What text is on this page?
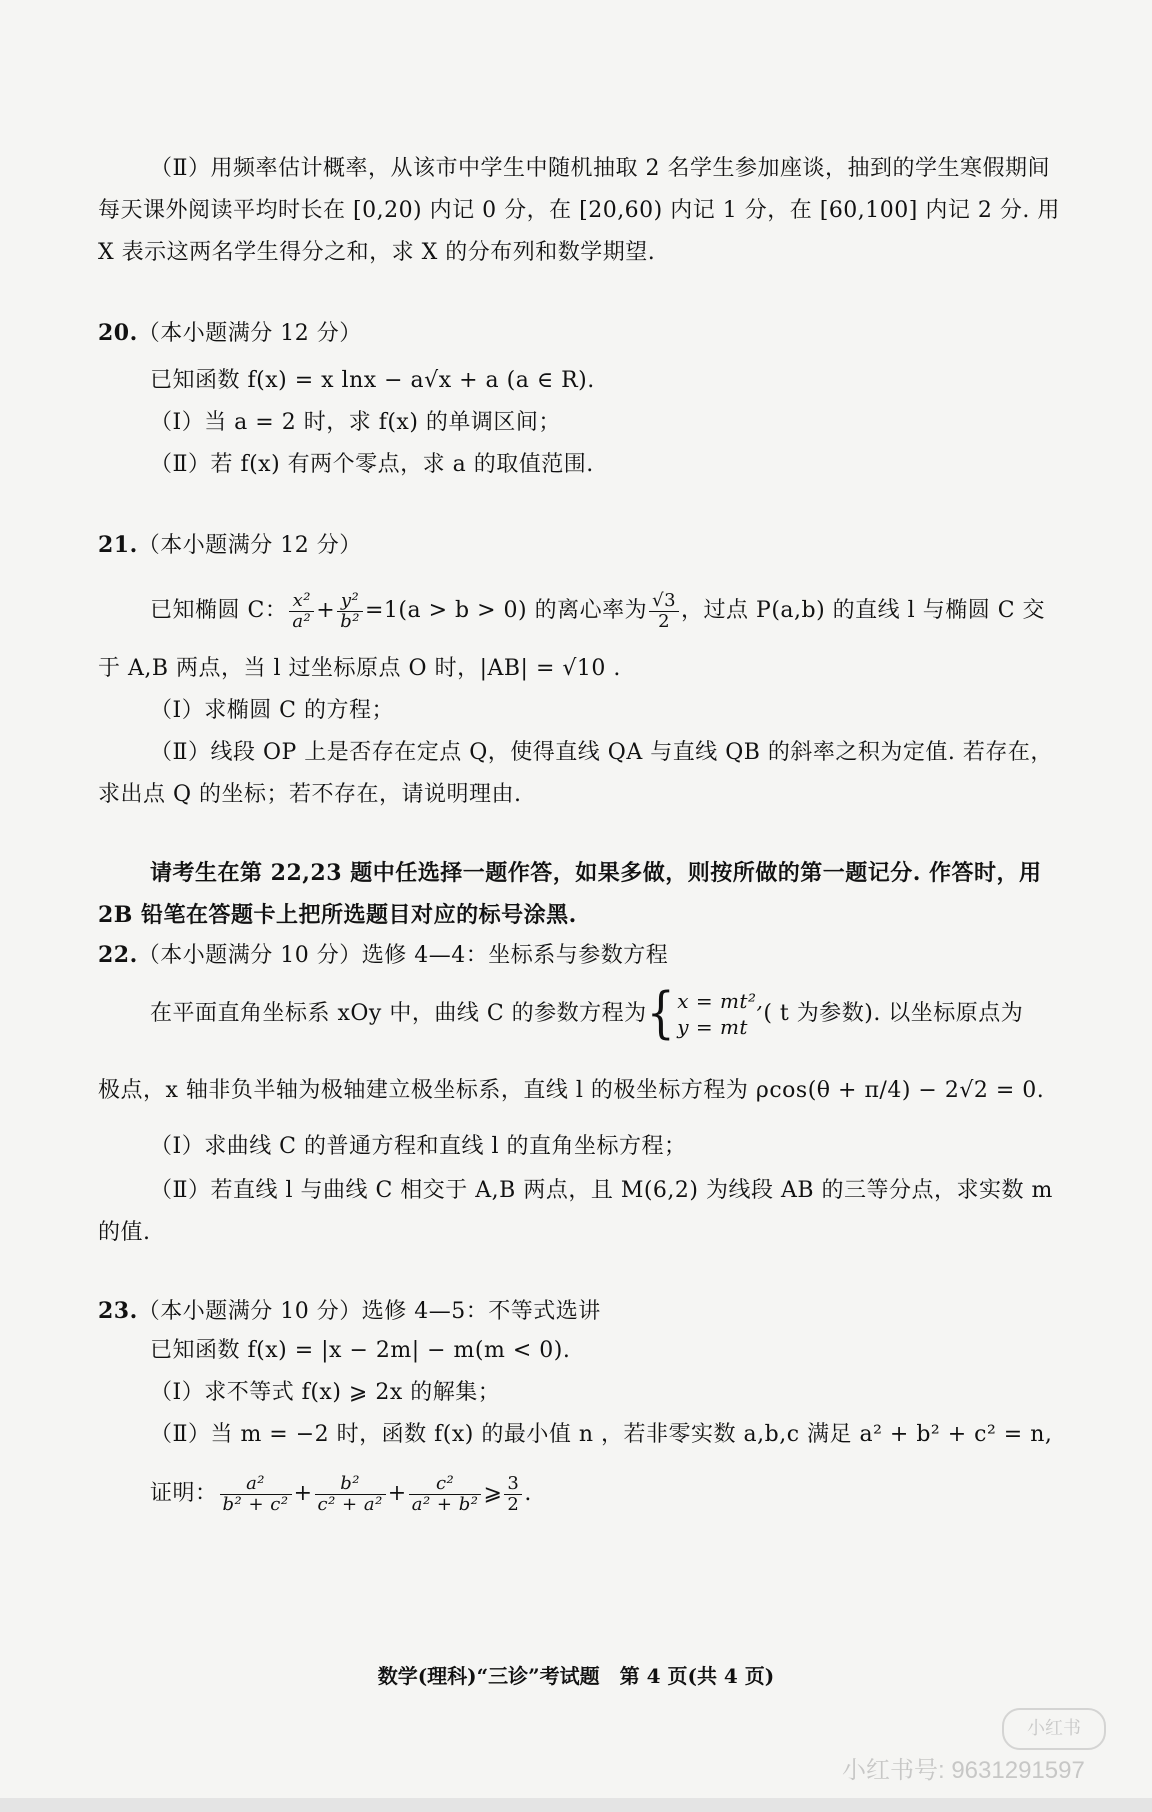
（Ⅱ）用频率估计概率，从该市中学生中随机抽取 2 名学生参加座谈，抽到的学生寒假期间
每天课外阅读平均时长在 [0,20) 内记 0 分，在 [20,60) 内记 1 分，在 [60,100] 内记 2 分. 用
X 表示这两名学生得分之和，求 X 的分布列和数学期望.
20.（本小题满分 12 分）
已知函数 f(x) = x lnx − a√x + a (a ∈ R).
（Ⅰ）当 a = 2 时，求 f(x) 的单调区间；
（Ⅱ）若 f(x) 有两个零点，求 a 的取值范围.
21.（本小题满分 12 分）
已知椭圆 C： $\frac{\text{x²}}{\text{a²}} + \frac{\text{y²}}{\text{b²}} =1(a > b > 0)$ 的离心率为 $\frac{√3}{2}$ ，过点 P(a,b) 的直线 l 与椭圆 C 交
于 A,B 两点，当 l 过坐标原点 O 时，|AB| = √10 .
（Ⅰ）求椭圆 C 的方程；
（Ⅱ）线段 OP 上是否存在定点 Q，使得直线 QA 与直线 QB 的斜率之积为定值. 若存在，
求出点 Q 的坐标；若不存在，请说明理由.
请考生在第 22,23 题中任选择一题作答，如果多做，则按所做的第一题记分. 作答时，用
2B 铅笔在答题卡上把所选题目对应的标号涂黑.
22.（本小题满分 10 分）选修 4—4：坐标系与参数方程
在平面直角坐标系 xOy 中，曲线 C 的参数方程为{ x = mt²,
y = mt
( t 为参数). 以坐标原点为
极点，x 轴非负半轴为极轴建立极坐标系，直线 l 的极坐标方程为 ρcos(θ + π/4) − 2√2 = 0.
（Ⅰ）求曲线 C 的普通方程和直线 l 的直角坐标方程；
（Ⅱ）若直线 l 与曲线 C 相交于 A,B 两点，且 M(6,2) 为线段 AB 的三等分点，求实数 m
的值.
23.（本小题满分 10 分）选修 4—5：不等式选讲
已知函数 f(x) = |x − 2m| − m(m < 0).
（Ⅰ）求不等式 f(x) ⩾ 2x 的解集；
（Ⅱ）当 m = −2 时，函数 f(x) 的最小值 n ，若非零实数 a,b,c 满足 a² + b² + c² = n,
证明： $\frac{\text{a²}}{\text{b² + c²}} + \frac{\text{b²}}{\text{c² + a²}} + \frac{\text{c²}}{\text{a² + b²}}$ ⩾ $\frac{3}{2}$ .
数学(理科)“三诊”考试题　第 4 页(共 4 页)
小红书
小红书号: 9631291597
